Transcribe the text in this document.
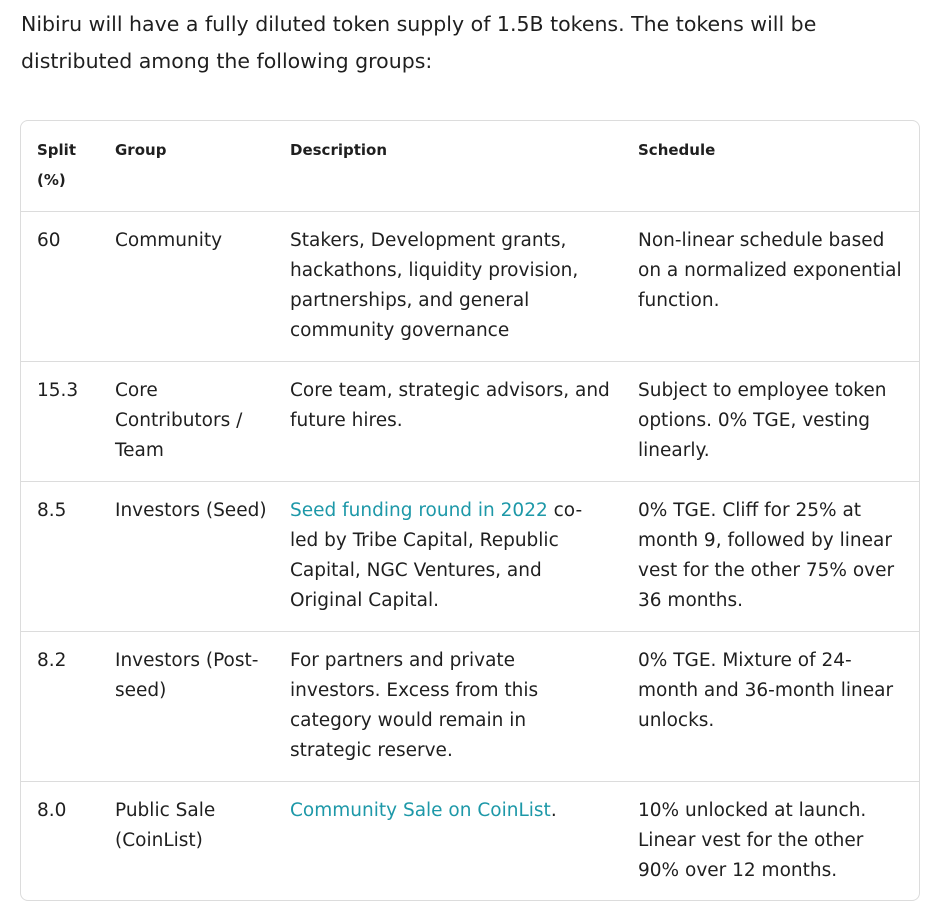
Nibiru will have a fully diluted token supply of 1.5B tokens. The tokens will be distributed among the following groups:

Split (%)	Group	Description	Schedule
60	Community	Stakers, Development grants, hackathons, liquidity provision, partnerships, and general community governance	Non-linear schedule based on a normalized exponential function.
15.3	Core Contributors / Team	Core team, strategic advisors, and future hires.	Subject to employee token options. 0% TGE, vesting linearly.
8.5	Investors (Seed)	Seed funding round in 2022 co-led by Tribe Capital, Republic Capital, NGC Ventures, and Original Capital.	0% TGE. Cliff for 25% at month 9, followed by linear vest for the other 75% over 36 months.
8.2	Investors (Post-seed)	For partners and private investors. Excess from this category would remain in strategic reserve.	0% TGE. Mixture of 24-month and 36-month linear unlocks.
8.0	Public Sale (CoinList)	Community Sale on CoinList.	10% unlocked at launch. Linear vest for the other 90% over 12 months.
